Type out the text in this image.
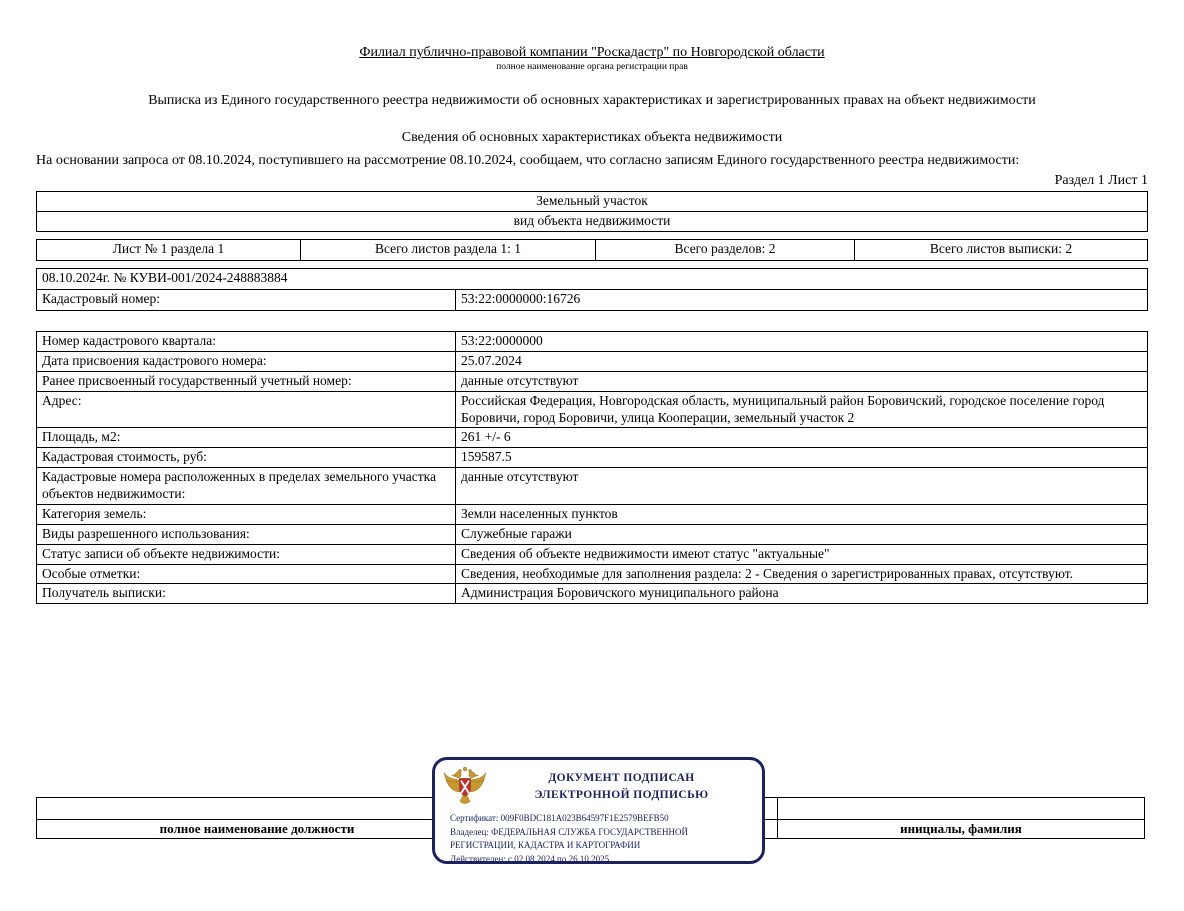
Филиал публично-правовой компании "Роскадастр" по Новгородской области
полное наименование органа регистрации прав
Выписка из Единого государственного реестра недвижимости об основных характеристиках и зарегистрированных правах на объект недвижимости
Сведения об основных характеристиках объекта недвижимости
На основании запроса от 08.10.2024, поступившего на рассмотрение 08.10.2024, сообщаем, что согласно записям Единого государственного реестра недвижимости:
Раздел 1 Лист 1
Земельный участок
вид объекта недвижимости
Лист № 1 раздела 1	Всего листов раздела 1: 1	Всего разделов: 2	Всего листов выписки: 2
08.10.2024г. № КУВИ-001/2024-248883884
Кадастровый номер:	53:22:0000000:16726
Номер кадастрового квартала:	53:22:0000000
Дата присвоения кадастрового номера:	25.07.2024
Ранее присвоенный государственный учетный номер:	данные отсутствуют
Адрес:	Российская Федерация, Новгородская область, муниципальный район Боровичский, городское поселение город Боровичи, город Боровичи, улица Кооперации, земельный участок 2
Площадь, м2:	261 +/- 6
Кадастровая стоимость, руб:	159587.5
Кадастровые номера расположенных в пределах земельного участка объектов недвижимости:	данные отсутствуют
Категория земель:	Земли населенных пунктов
Виды разрешенного использования:	Служебные гаражи
Статус записи об объекте недвижимости:	Сведения об объекте недвижимости имеют статус "актуальные"
Особые отметки:	Сведения, необходимые для заполнения раздела: 2 - Сведения о зарегистрированных правах, отсутствуют.
Получатель выписки:	Администрация Боровичского муниципального района

полное наименование должности		инициалы, фамилия
ДОКУМЕНТ ПОДПИСАН
ЭЛЕКТРОННОЙ ПОДПИСЬЮ
Сертификат: 009F0BDC181A023B64597F1E2579BEFB50
Владелец: ФЕДЕРАЛЬНАЯ СЛУЖБА ГОСУДАРСТВЕННОЙ РЕГИСТРАЦИИ, КАДАСТРА И КАРТОГРАФИИ
Действителен: с 02.08.2024 по 26.10.2025
